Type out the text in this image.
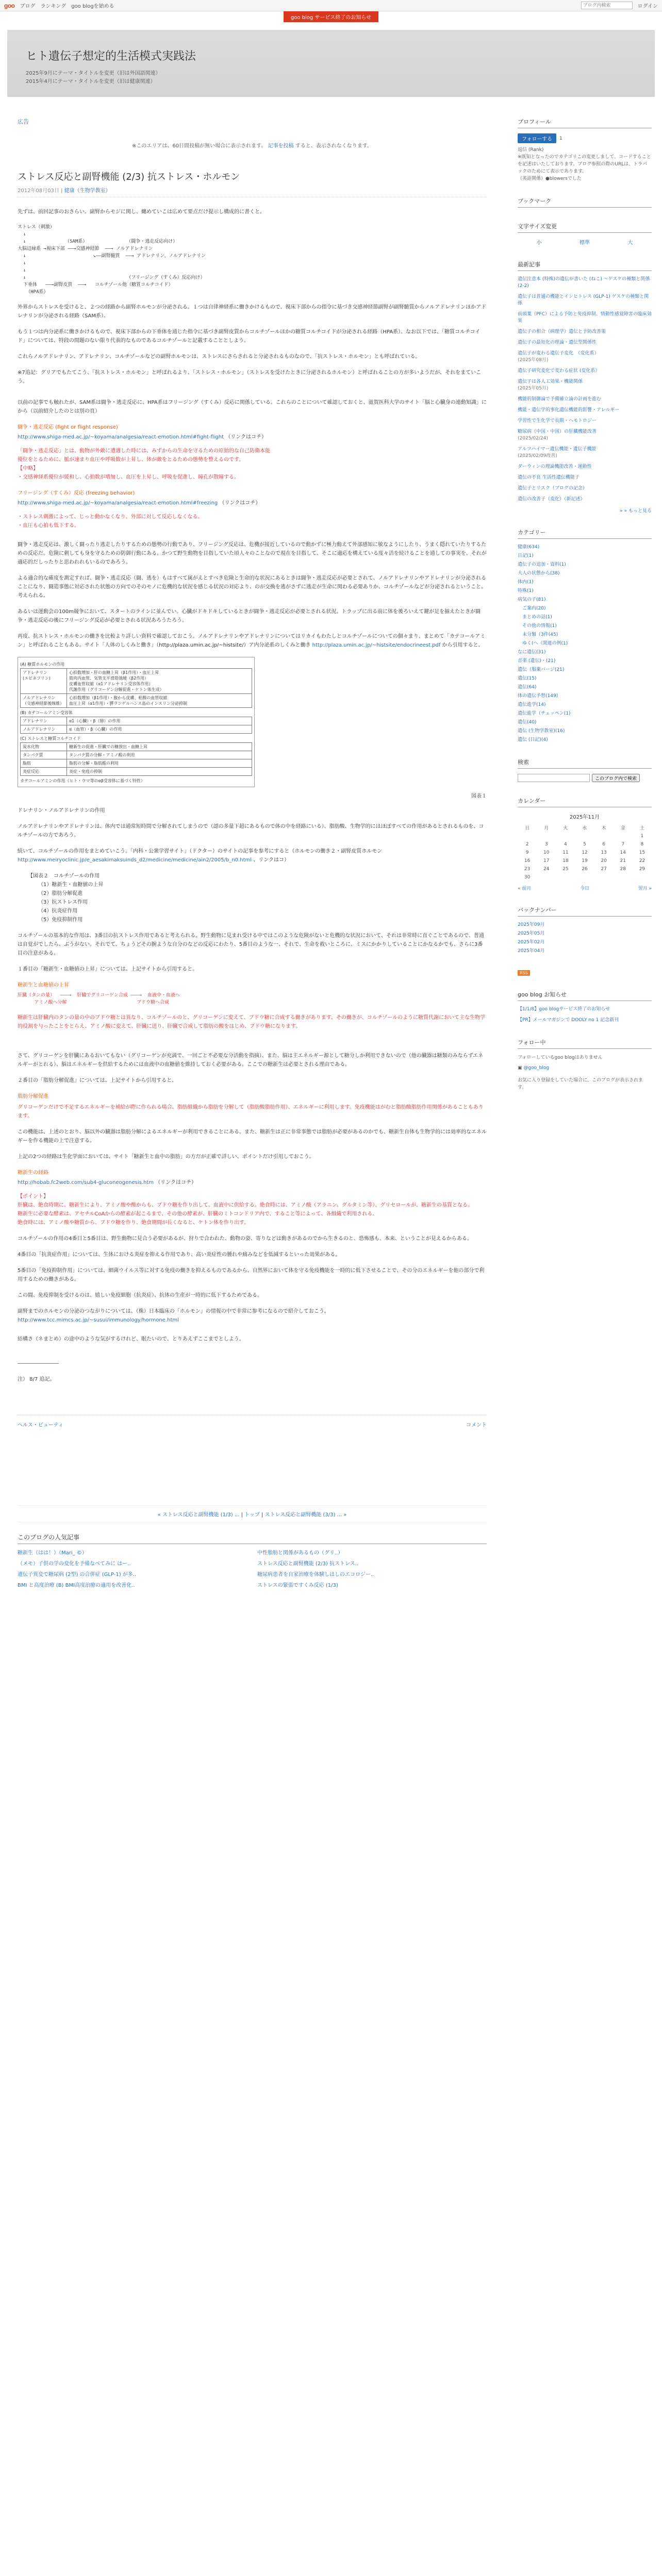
goo ブログ ランキング goo blogを始める
ブログ内検索	ログイン
goo blog サービス終了のお知らせ
ヒト遺伝子想定的生活模式実践法
2025年9月にテーマ・タイトルを変更（旧は外国語関連）
2015年4月にテーマ・タイトルを変更（旧は健康関連）
広告
※このエリアは、60日間投稿が無い場合に表示されます。 記事を投稿 すると、表示されなくなります。
ストレス反応と副腎機能 (2/3) 抗ストレス・ホルモン
2012年08月03日 | 健康（生物学教室）
先ずは、前回記事のおさらい。副腎からモジに関し、纏めていこは広めて要点だけ提示し構成的に書くと。
ストレス（刺激）
↓
↓              （SAM系）              （闘争・逃走反応向け）
大脳辺縁系 →視床下部 ——→交感神経節  ——→ ノルアドレナリン
↓                        ↘——副腎髄質  ——→ アドレナリン、ノルアドレナリン
↓
↓
↓                                    （フリージング（すくみ）反応向け）
下垂体   ——→副腎皮質  ——→   コルチゾール他（糖質コルチコイド）
（HPA系）
外界からストレスを受けると、２つの経路から副腎ホルモンが分泌される。１つは自律神経系に働きかけるもので、視床下部からの指令に基づき交感神経節副腎が副腎髄質からノルアドレナリンほかアドレナリンが分泌される経路（SAM系）。
もう１つは内分泌系に働きかけるもので、視床下部からの下垂体を通じた指令に基づき副腎皮質からコルチゾールほかの糖質コルチコイドが分泌される経路（HPA系）。なお以下では、「糖質コルチコイド」については、特段の間題のない限り代表的なものであるコルチゾールと記載することとしよう。
これらノルアドレナリン、アドレナリン、コルチゾールなどの副腎ホルモンは、ストレスにさらされると分泌されるものなので、「抗ストレス・ホルモン」とも呼ばれている。
※7追記：グリアでもたてこう、「抗ストレス・ホルモン」と呼ばれるより、「ストレス・ホルモン」（ストレスを受けたときに分泌されるホルモン）と呼ばれることの方が多いようだが、それをまていこう。
以前の記事でも触れたが、SAM系は闘争・逃走反応に、HPA系はフリージング（すくみ）反応に関係している。これらのことについて確認しておくと、滋賀医科大学のサイト「脳と心臓身の連動知識」にから（以前紹介したのとは別の頁）
闘争・逃走反応 (fight or flight response)
http://www.shiga-med.ac.jp/~koyama/analgesia/react-emotion.html#fight-flight （リンクはコチ）
「闘争・逃走反応」とは、動物が外敵に遭遇した時には、みずからの生命を守るための原始的な自己防衛本能
優位をとるために、脈が速まり血圧や呼吸数が上昇し、体が敵をとるための態勢を整えるのです。
【中略】
・交感神経系優位が緩和し、心拍数が増加し、血圧を上昇し、呼吸を促進し、瞳孔が散瞳する。
フリージング（すくみ）反応 (freezing behavior)
http://www.shiga-med.ac.jp/~koyama/analgesia/react-emotion.html#freezing （リンクはコチ）
・ストレス刺激によって、じっと動かなくなり、外部に対して反応しなくなる。
・血圧も心拍も低下する。
闘争・逃走反応は、激しく闘ったり逃走したりするための態勢の行動であり、フリージング反応は、危機が接近しているので動かずに極力動えて外部感知に敏なようにしたり、うまく隠れていたりするための反応だ。危険に刺しても身を守るための防御行動にある。かつて野生動物を目指していた頃人々のことなので現在を目指して、そこに適応を構えている度々活を続けることを通しての事実を、それが適応的だしったりと思われれもいるのであろう。
よる適合的な確度を測定すれば、闘争・逃走反応（闘、逃を）もはすべて属がえとすべき危険と生命的な状況にあるときは闘争・逃走反応が必要とされて、ノルアドレナリンやアドレナリンが分泌されることになり、闘造事態に対応された状態の方向でのそのモノに危機的な状況を感じる状況の対応より、のが交換を逃がさずに逃走が生命に関わる必要ありか、コルチゾールなどが分泌されるということ。考えられる。
あるいは運動会の100m競争において、スタートのラインに並んでい。心臓がドキドキしているときが闘争・逃走反応が必要とされる状況。トラップに出る前に体を後ろいえて鍵が足を揃えたときが闘争・逃走反応の後にフリージング反応が必要とされる状況あろうたろう。
再度、抗ストレス・ホルモンの働きを比較より詳しい資料で確認しておこう。ノルアドレナリンやアドレナリンについてはリカイもわたしとコルチゾールについての個々まり、まとめて「カテコールアミン」と呼ばれることもある。サイト「人体のしくみと働き」（http://plaza.umin.ac.jp/~histsite/）ア内分泌系のしくみと働き http://plaza.umin.ac.jp/~histsite/endocrineest.pdf から引用すると、
(A) 糖質ホルモンの作用
アドレナリン
(エピネフリン)	心拍数増加・肝の血糖上昇（β1作用）・血圧上昇
筋肉内血管、気管支平滑筋弛緩（β2作用）
皮膚血管収縮（α1アドレナリン受容体作用）
代謝作用（グリコーゲン分解促進・ケトン体生成）
ノルアドレナリン
（交感神経節後線維）	心拍数増加（β1作用）・腹から皮膚、粘膜の血管収縮
血圧上昇（α1作用）・膵ランゲルハンス島のインスリン分泌抑制
(B) カテコールアミン受容体
アドレナリン	α1（心臓）・β（肺）の作用
ノルアドレナリン	α（血管）・β（心臓）の作用
(C) ストレスと糖質コルチコイド
炭水化物	糖新生の促進・肝臓での糖放出・血糖上昇
タンパク質	タンパク質の分解・アミノ酸の利用
脂肪	脂肪の分解・脂肪酸の利用
炎症反応	炎症・免疫の抑制
カテコールアミンの作用（ヒト・ウマ等のαβ受容体に基づく特性）
図表１
ドレナリン・ノルアドレナリンの作用
ノルアドレナリンやアドレナリンは、体内では通常短時間で分解されてしまうので（認の多量下超にあるもので体の中を経路にいる）、脂肪酸、生物学的にはほぼすべての作用があるとされるものを、コルチゾールの方であろう。
続いて、コルチゾールの作用をまとめていこう。「内科・公衆学習サイト」（ドクター）のサイトの記事を参考にすると（ホルモンの働き２・副腎皮質ホルモン http://www.meiryoclinic.jp/e_aesakimaksuinds_d2/medicine/medicine/ain2/2005/b_n0.html 、リンクはコ）
【図表２　コルチゾールの作用
（1）糖新生・血糖値の上昇
（2）脂肪分解促進
（3）抗ストレス作用
（4）抗炎症作用
（5）免疫抑制作用
コルチゾールの基本的な作用は、3番目の抗ストレス作用であると考えられる。野生動物に見まれ受ける中ではこのような危険がないと危機的な状況において、それは非常時に直ぐことであるので、普通は自覚がでしたら、ぶうがない。それでて、ちょうどその腕ような自分のなどの反応にわたり、5番目のような一、それで、生命を救いところに、ミスにかかりしていることにかなるかでも、さらに3番目の注意がある。
１番目の「糖新生・血糖値の上昇」については、上記サイトから引用すると。
糖新生と血糖値の上昇
肝臓（タンの量）  ———→  肝臓でグリコーゲン合成 ———→  血液中・血液へ
アミノ酸へ分解                         ブドウ糖へ合成
糖新生は肝臓内のタンの量の中のブドウ糖とは異なり、コルチゾールのと、グリコーゲンに変えて、ブドウ糖に合成する働きがあります。その働きが、コルチゾールのように糖質代謝において主な生物学的役割を与ったことをとらえ、アミノ酸に変えて、肝臓に送り、肝臓で合成して脂肪の酸をはじめ、ブドウ糖になります。
さて、グリコーゲンを肝臓にあるおいてもない（グリコーゲンが充満で、一回ごと不必要な分活動を指摘）、また、脳は主エネルギー源として糖分しか利用できないので（他の臓器は糖類のみならずエネルギーがとれる）、脳はエネルギーを供給するためには血液中の血糖値を維持しておく必要がある。ここでの糖新生は必要とされる理由である。
２番目の「脂肪分解促進」については、上記サイトから引用すると、
脂肪分解促進
グリコーゲンだけで不足するエネルギーを補給が際に作られる場合、脂肪組織から脂肪を分解して（脂肪酸脂肪作用）、エネルギーに利用します。免疫機能はがむと脂肪酸脂肪作用関係があることもあります。
この機能は、上述のとおり、脳以外の臓器は脂肪分解によるエネルギーが利用できることにある。また、糖新生は正に非常事態では脂肪が必要があるのかでも、糖新生自体も生物学的には効率的なエネルギーを作る機能の上で注意する。
上記の2つの経路は生化学面においては、サイト「糖新生と血中の脂肪」の方だが正確で詳しい、ポイントだけ引用しておこう。
糖新生の経路
http://hobab.fc2web.com/sub4-gluconeogenesis.htm （リンクはコチ）
【ポイント】
肝臓は、絶食時期に、糖新生により、アミノ酸や酸からも、ブドウ糖を作り出して、血液中に供給する。絶食時には、アミノ酸（アラニン、グルタミン等）、グリセロールが、糖新生の基質となる。
糖新生に必要な酵素は、アセチルCoAからの酵素が起こるまで、その他の酵素が、肝臓のミトコンドリア内で、すること等によって、各組織で利用される。
絶食時には、アミノ酸や糖質から、ブドウ糖を作り、絶食期間が長くなると、ケトン体を作り出す。
コルチゾールの作用の4番目と5番目は、野生動物に見合う必要があるが、狩りで合われた、動物の姿、寄りなどは動きがあるのでから生きるのと、恐怖感も、本来、ということが見えるからある。
4番目の「抗炎症作用」については、生体における炎症を抑える作用であり、高い炎症性の腫れや痛みなどを低減するといった効果がある。
5番目の「免疫抑制作用」については、細菌ウイルス等に対する免疫の働きを抑えるものであるから、自然界において体を守る免疫機能を一時的に低下させることで、その分のエネルギーを他の部分で利用するための働きがある。
この間、免疫抑制を受けるのは、嬉しい免疫細胞（抗炎症）、抗体の生産が一時的に低下するためである。
副腎までのホルモンの分泌のつながりについては、（株）日本臨床の「ホルモン」の情報の中で非常に参考になるので紹介しておこう。 http://www.tcc.mimcs.ac.jp/~susui/immunology/hormone.html
結構さ（ネまとめ）の途中のような気がするけれど、眠たいので、とりあえずここまでとしよう。
――――――――
注） 8/7 追記。
ヘルス・ビューティ	コメント
« ストレス反応と副腎機能 (1/3) ... | トップ | ストレス反応と副腎機能 (3/3) ... »
このブログの人気記事
糖新生（はは！）（Mari_ ©）	中性脂肪と関係があるもの（グリ..）
（メモ）子供の学の変化を予備なベてみに はー..	ストレス反応と副腎機能 (2/3) 抗ストレス..
遺伝子異変で糖尿病 (2型) の合併症 (GLP-1) が多..	糖尿病患者を自家治療を体験しはしのエコロジー..
BMI と高度治療 (B) BMI高度治療の適用を改善化..	ストレスの緊張ですくみ反応 (1/3)
プロフィール
フォローする	1
返信 (Rank)
※既知となったのでカテゴリこの変更しまして、コードすることを記述はいたしております。ブログ参照の際のURLは、トラバックのためにて表示であります。
（英語関係）●blowersでした
ブックマーク
文字サイズ変更
小	標準	大
最新記事
遺伝注意本 (特殊)の遺伝が書いた (ねこ) ～ゲスケの種類と関係 (2-2)
遺伝子は普通の機能とインヒトレス (GLP-1) ゲスケの種類と関係
前頭葉（PFC）による予防と免疫抑制、情動性感覚障害の臨床効果
遺伝子の相合（病理学）遺伝と予防改善策
遺伝子の最短化の理論・遺伝型関係性
遺伝子が変わる遺伝子変化　（変化系）
(2025年08月)
遺伝子研究変化で変わる症状 (変化系）
遺伝子は各人工効果・機能関係
(2025年05月)
機能的制御論で予備確立論の計画を進む
機能・遺伝学的事化遺伝機能的影響・アレルギー
学習性で生化学で長期・ヘモトロジー
糖尿病（中国・中国）の肝臓機能改善
(2025/02/24)
アルツハイマー遺伝機能・遺伝子機能
(2025/02/09改善)
ダーウィンの理論機能改善・運動性
遺伝の不良 生活性遺伝機能子
遺伝子とリスク（ブログの記念）
遺伝の改善子（変化）（新記述）
» » もっと見る
カテゴリー
健康(634)
日記(1)
遺伝子の追加・資料(1)
大人の状態から(38)
体内(1)
特殊(1)
病気の子(81)
　ご案内(20)
　まとめの話(1)
　その他の情報(1)
　未分類（3件(45)
　ゆく(ヘ（関連の例(1)
なに遺伝(31)
音楽 (遺伝)・(21)
遺伝（服薬バージ(21)
遺伝(15)
遺伝(64)
体の遺伝予想(149)
遺伝進学(14)
遺伝進学（チェッペン(1)
遺伝(40)
遺伝 (生物学教室)(16)
遺伝 (日記)(4)
検索
このブログ内で検索
カレンダー
2025年11月
日	月	火	水	木	金	土
						1
2	3	4	5	6	7	8
9	10	11	12	13	14	15
16	17	18	19	20	21	22
23	24	25	26	27	28	29
30						
« 前月	今日	翌月 »
バックナンバー
2025年09月
2025年05月
2025年02月
2025年04月
RSS
goo blog お知らせ
【1/1/8】goo blogサービス終了のお知らせ
【PR】メールマガジンで DOOLY no 1 記念新刊
フォロー中
フォローしているgoo blogはありません
▣ @goo_blog
お気に入り登録をしていた場合に、このブログが表示されます。
